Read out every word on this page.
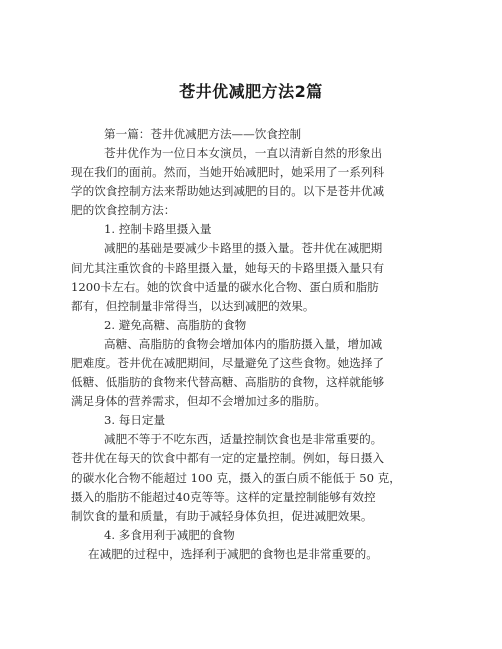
苍井优减肥方法2篇
第一篇：苍井优减肥方法——饮食控制
苍井优作为一位日本女演员，一直以清新自然的形象出
现在我们的面前。然而，当她开始减肥时，她采用了一系列科
学的饮食控制方法来帮助她达到减肥的目的。以下是苍井优减
肥的饮食控制方法：
1. 控制卡路里摄入量
减肥的基础是要减少卡路里的摄入量。苍井优在减肥期
间尤其注重饮食的卡路里摄入量，她每天的卡路里摄入量只有
1200卡左右。她的饮食中适量的碳水化合物、蛋白质和脂肪
都有，但控制量非常得当，以达到减肥的效果。
2. 避免高糖、高脂肪的食物
高糖、高脂肪的食物会增加体内的脂肪摄入量，增加减
肥难度。苍井优在减肥期间，尽量避免了这些食物。她选择了
低糖、低脂肪的食物来代替高糖、高脂肪的食物，这样就能够
满足身体的营养需求，但却不会增加过多的脂肪。
3. 每日定量
减肥不等于不吃东西，适量控制饮食也是非常重要的。
苍井优在每天的饮食中都有一定的定量控制。例如，每日摄入
的碳水化合物不能超过 100 克，摄入的蛋白质不能低于 50 克，
摄入的脂肪不能超过40克等等。这样的定量控制能够有效控
制饮食的量和质量，有助于减轻身体负担，促进减肥效果。
4. 多食用利于减肥的食物
在减肥的过程中，选择利于减肥的食物也是非常重要的。
